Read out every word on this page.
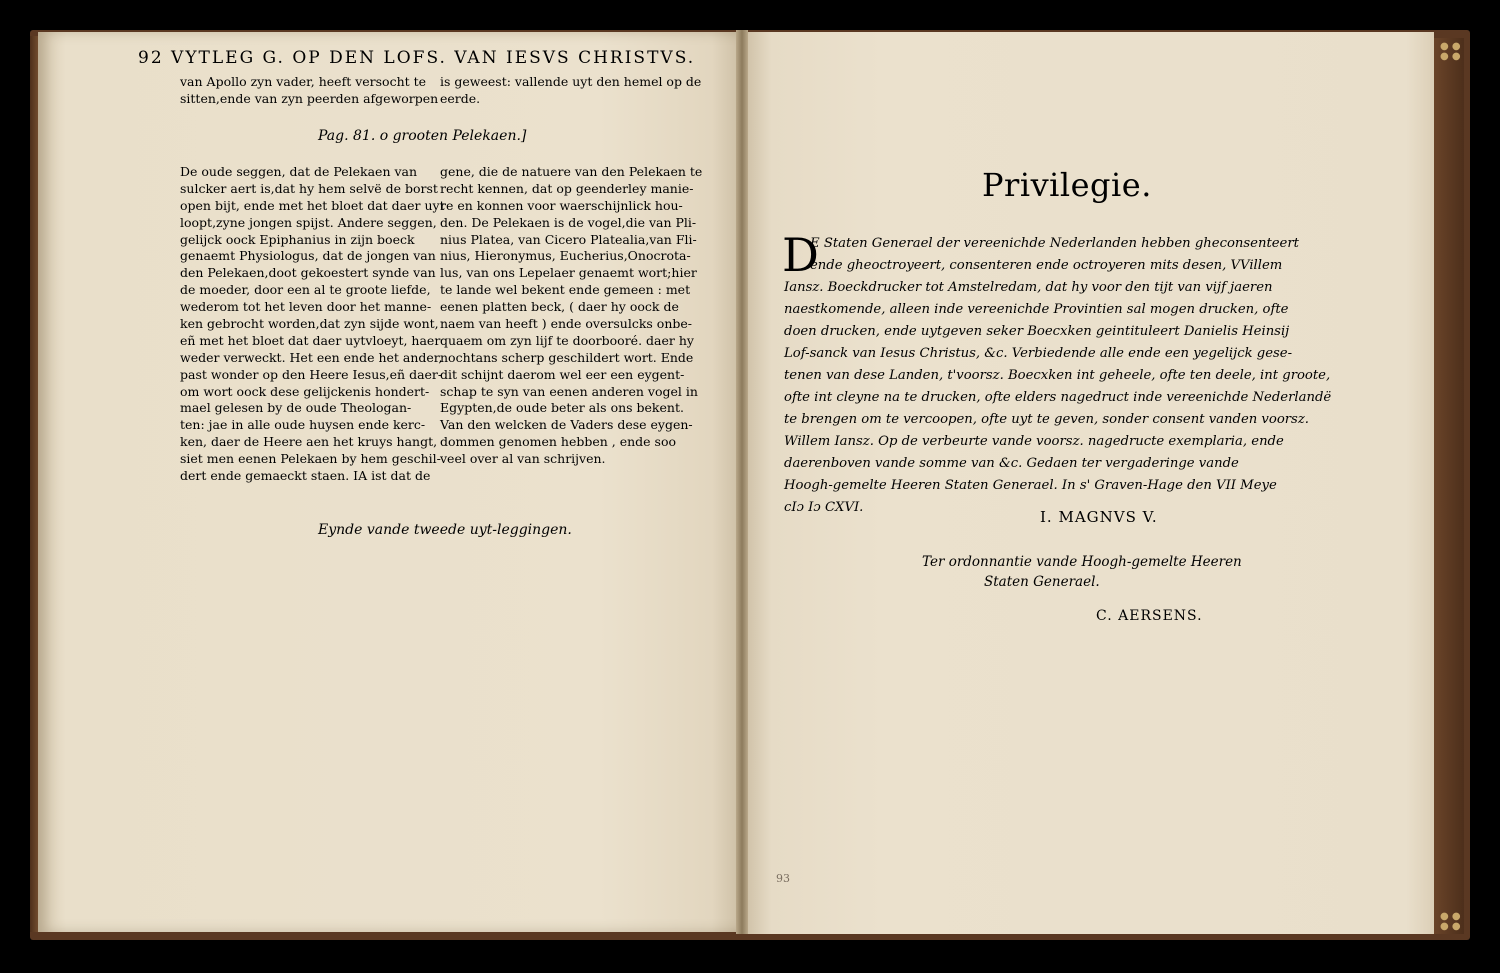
● ●
● ●
● ●
● ●

92 VYTLEG G. OP DEN LOFS. VAN IESVS CHRISTVS.
van Apollo zyn vader, heeft versocht te
sitten,ende van zyn peerden afgeworpen
is geweest: vallende uyt den hemel op de
eerde.
Pag. 81. o grooten Pelekaen.]
De oude seggen, dat de Pelekaen van
sulcker aert is,dat hy hem selvë de borst
open bijt, ende met het bloet dat daer uyt
loopt,zyne jongen spijst. Andere seggen,
gelijck oock Epiphanius in zijn boeck
genaemt Physiologus, dat de jongen van
den Pelekaen,doot gekoestert synde van
de moeder, door een al te groote liefde,
wederom tot het leven door het manne-
ken gebrocht worden,dat zyn sijde wont,
eñ met het bloet dat daer uytvloeyt, haer
weder verweckt. Het een ende het ander,
past wonder op den Heere Iesus,eñ daer-
om wort oock dese gelijckenis hondert-
mael gelesen by de oude Theologan-
ten: jae in alle oude huysen ende kerc-
ken, daer de Heere aen het kruys hangt,
siet men eenen Pelekaen by hem geschil-
dert ende gemaeckt staen. IA ist dat de
gene, die de natuere van den Pelekaen te
recht kennen, dat op geenderley manie-
re en konnen voor waerschijnlick hou-
den. De Pelekaen is de vogel,die van Pli-
nius Platea, van Cicero Platealia,van Fli-
nius, Hieronymus, Eucherius,Onocrota-
lus, van ons Lepelaer genaemt wort;hier
te lande wel bekent ende gemeen : met
eenen platten beck, ( daer hy oock de
naem van heeft ) ende oversulcks onbe-
quaem om zyn lijf te doorbooré. daer hy
nochtans scherp geschildert wort. Ende
dit schijnt daerom wel eer een eygent-
schap te syn van eenen anderen vogel in
Egypten,de oude beter als ons bekent.
Van den welcken de Vaders dese eygen-
dommen genomen hebben , ende soo
veel over al van schrijven.
Eynde vande tweede uyt-leggingen.
Privilegie.
D
E Staten Generael der vereenichde Nederlanden hebben gheconsenteert
ende gheoctroyeert, consenteren ende octroyeren mits desen, VVillem
Iansz. Boeckdrucker tot Amstelredam, dat hy voor den tijt van vijf jaeren
naestkomende, alleen inde vereenichde Provintien sal mogen drucken, ofte
doen drucken, ende uytgeven seker Boecxken geintituleert Danielis Heinsij
Lof-sanck van Iesus Christus, &c. Verbiedende alle ende een yegelijck gese-
tenen van dese Landen, t'voorsz. Boecxken int geheele, ofte ten deele, int groote,
ofte int cleyne na te drucken, ofte elders nagedruct inde vereenichde Nederlandë
te brengen om te vercoopen, ofte uyt te geven, sonder consent vanden voorsz.
Willem Iansz. Op de verbeurte vande voorsz. nagedructe exemplaria, ende
daerenboven vande somme van &c. Gedaen ter vergaderinge vande
Hoogh-gemelte Heeren Staten Generael. In s' Graven-Hage den VII Meye
cIɔ Iɔ CXVI.
I. MAGNVS V.
Ter ordonnantie vande Hoogh-gemelte Heeren
Staten Generael.
C. AERSENS.
93
